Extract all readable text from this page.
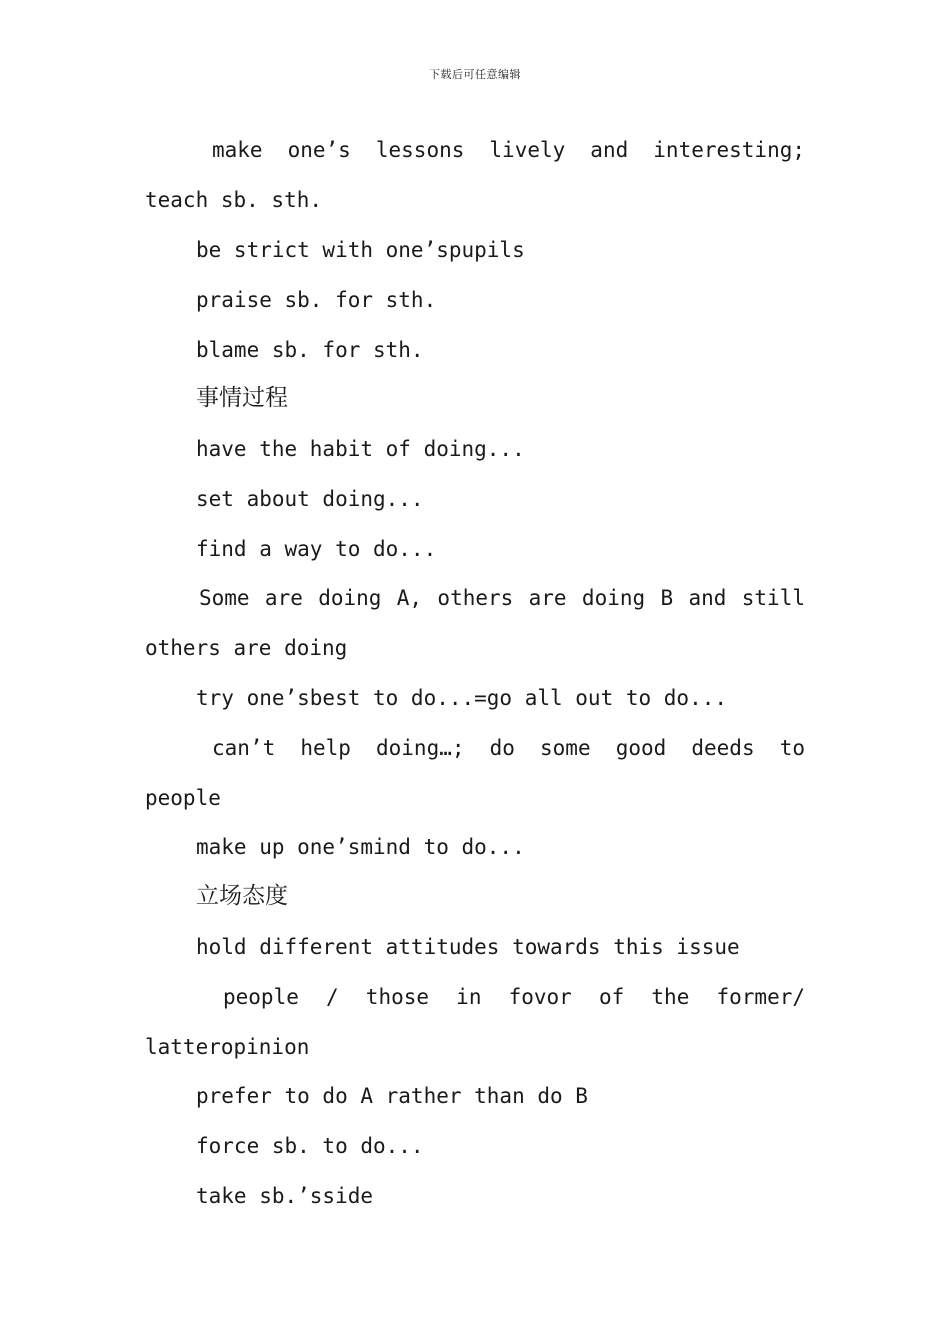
下载后可任意编辑
make one’s lessons lively and interesting;
teach sb. sth.
be strict with one’spupils
praise sb. for sth.
blame sb. for sth.
事情过程
have the habit of doing...
set about doing...
find a way to do...
Some are doing A, others are doing B and still
others are doing
try one’sbest to do...=go all out to do...
can’t help doing…; do some good deeds to
people
make up one’smind to do...
立场态度
hold different attitudes towards this issue
people / those in fovor of the former/
latteropinion
prefer to do A rather than do B
force sb. to do...
take sb.’sside
